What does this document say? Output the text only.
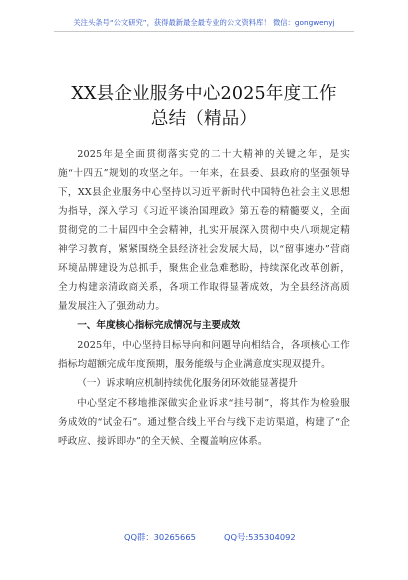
关注头条号“公文研究”，获得最新最全最专业的公文资料库！ 微信：gongwenyj
XX县企业服务中心2025年度工作
总结（精品）

2025年是全面贯彻落实党的二十大精神的关键之年，是实施“十四五”规划的攻坚之年。一年来，在县委、县政府的坚强领导下，XX县企业服务中心坚持以习近平新时代中国特色社会主义思想为指导，深入学习《习近平谈治国理政》第五卷的精髓要义，全面贯彻党的二十届四中全会精神，扎实开展深入贯彻中央八项规定精神学习教育，紧紧围绕全县经济社会发展大局，以“留事速办”营商环境品牌建设为总抓手，聚焦企业急难愁盼，持续深化改革创新，全力构建亲清政商关系，各项工作取得显著成效，为全县经济高质量发展注入了强劲动力。

一、年度核心指标完成情况与主要成效

2025年，中心坚持目标导向和问题导向相结合，各项核心工作指标均超额完成年度预期，服务能级与企业满意度实现双提升。

（一）诉求响应机制持续优化服务闭环效能显著提升

中心坚定不移地推深做实企业诉求“挂号制”，将其作为检验服务成效的“试金石”。通过整合线上平台与线下走访渠道，构建了“企呼政应、接诉即办”的全天候、全覆盖响应体系。

QQ群：30265665	QQ号:535304092
